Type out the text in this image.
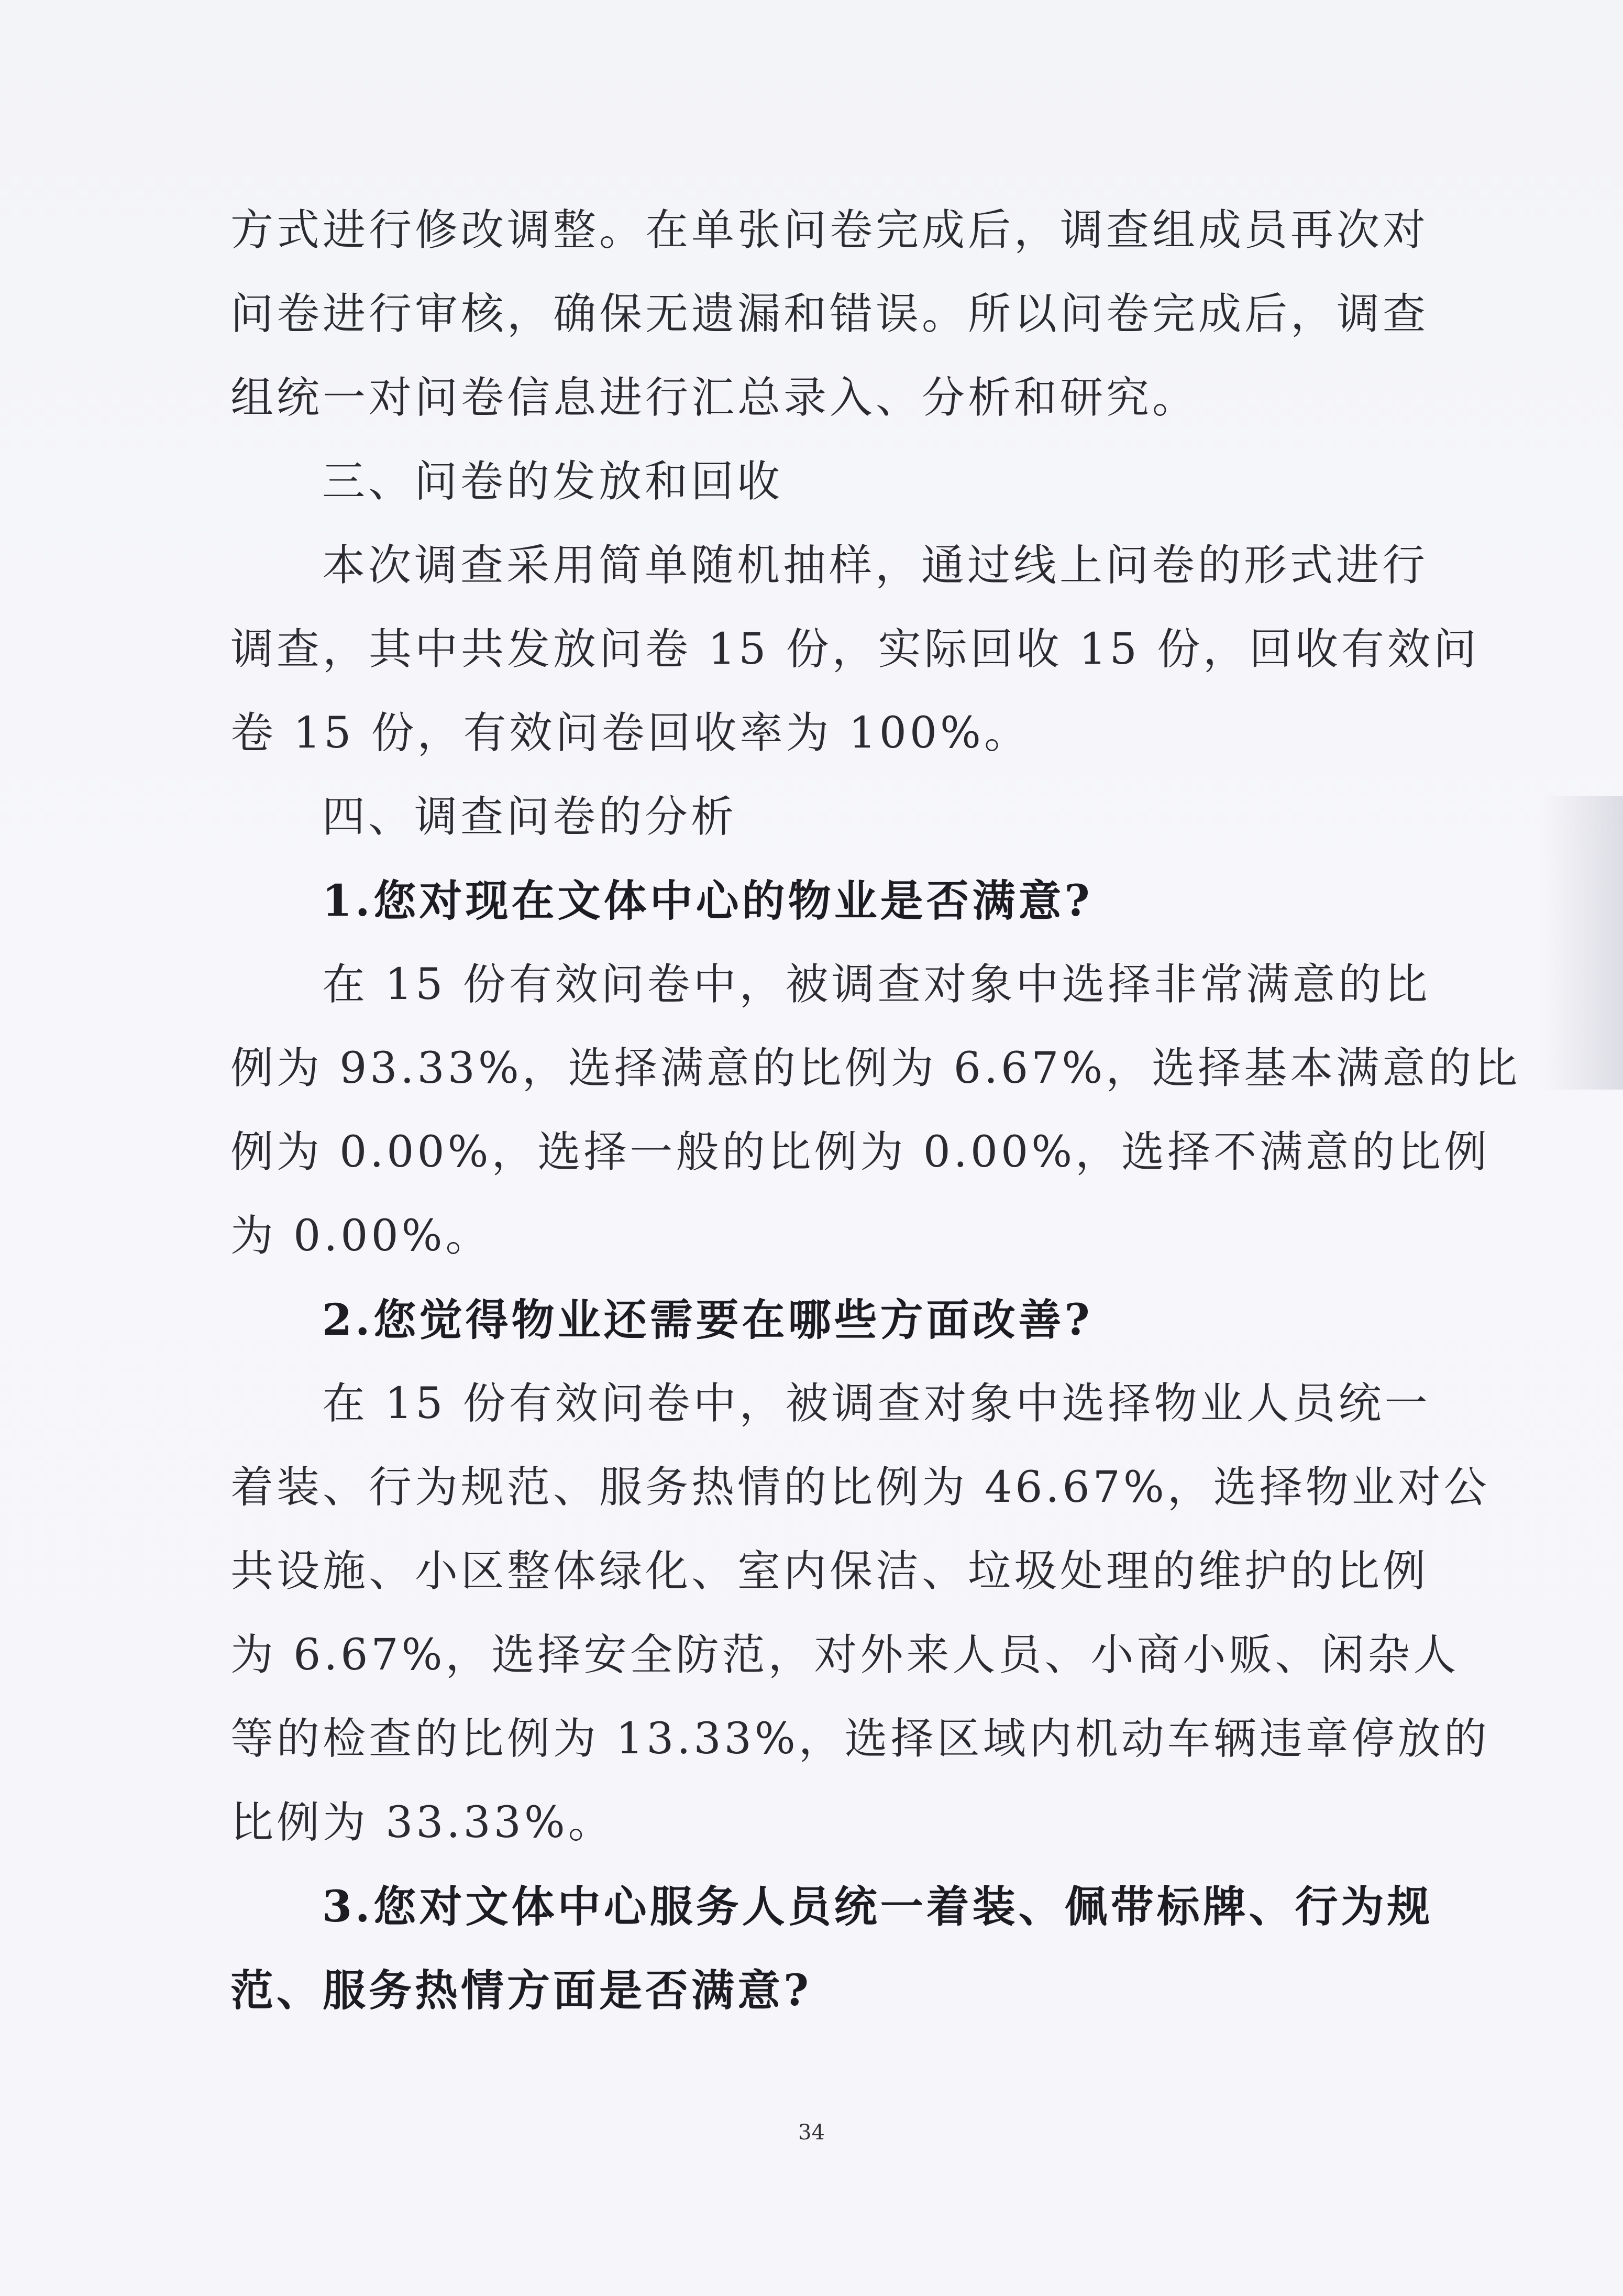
方式进行修改调整。在单张问卷完成后，调查组成员再次对

问卷进行审核，确保无遗漏和错误。所以问卷完成后，调查

组统一对问卷信息进行汇总录入、分析和研究。

三、问卷的发放和回收

本次调查采用简单随机抽样，通过线上问卷的形式进行

调查，其中共发放问卷 15 份，实际回收 15 份，回收有效问

卷 15 份，有效问卷回收率为 100%。

四、调查问卷的分析

1.您对现在文体中心的物业是否满意?

在 15 份有效问卷中，被调查对象中选择非常满意的比

例为 93.33%，选择满意的比例为 6.67%，选择基本满意的比

例为 0.00%，选择一般的比例为 0.00%，选择不满意的比例

为 0.00%。

2.您觉得物业还需要在哪些方面改善?

在 15 份有效问卷中，被调查对象中选择物业人员统一

着装、行为规范、服务热情的比例为 46.67%，选择物业对公

共设施、小区整体绿化、室内保洁、垃圾处理的维护的比例

为 6.67%，选择安全防范，对外来人员、小商小贩、闲杂人

等的检查的比例为 13.33%，选择区域内机动车辆违章停放的

比例为 33.33%。

3.您对文体中心服务人员统一着装、佩带标牌、行为规

范、服务热情方面是否满意?

34
